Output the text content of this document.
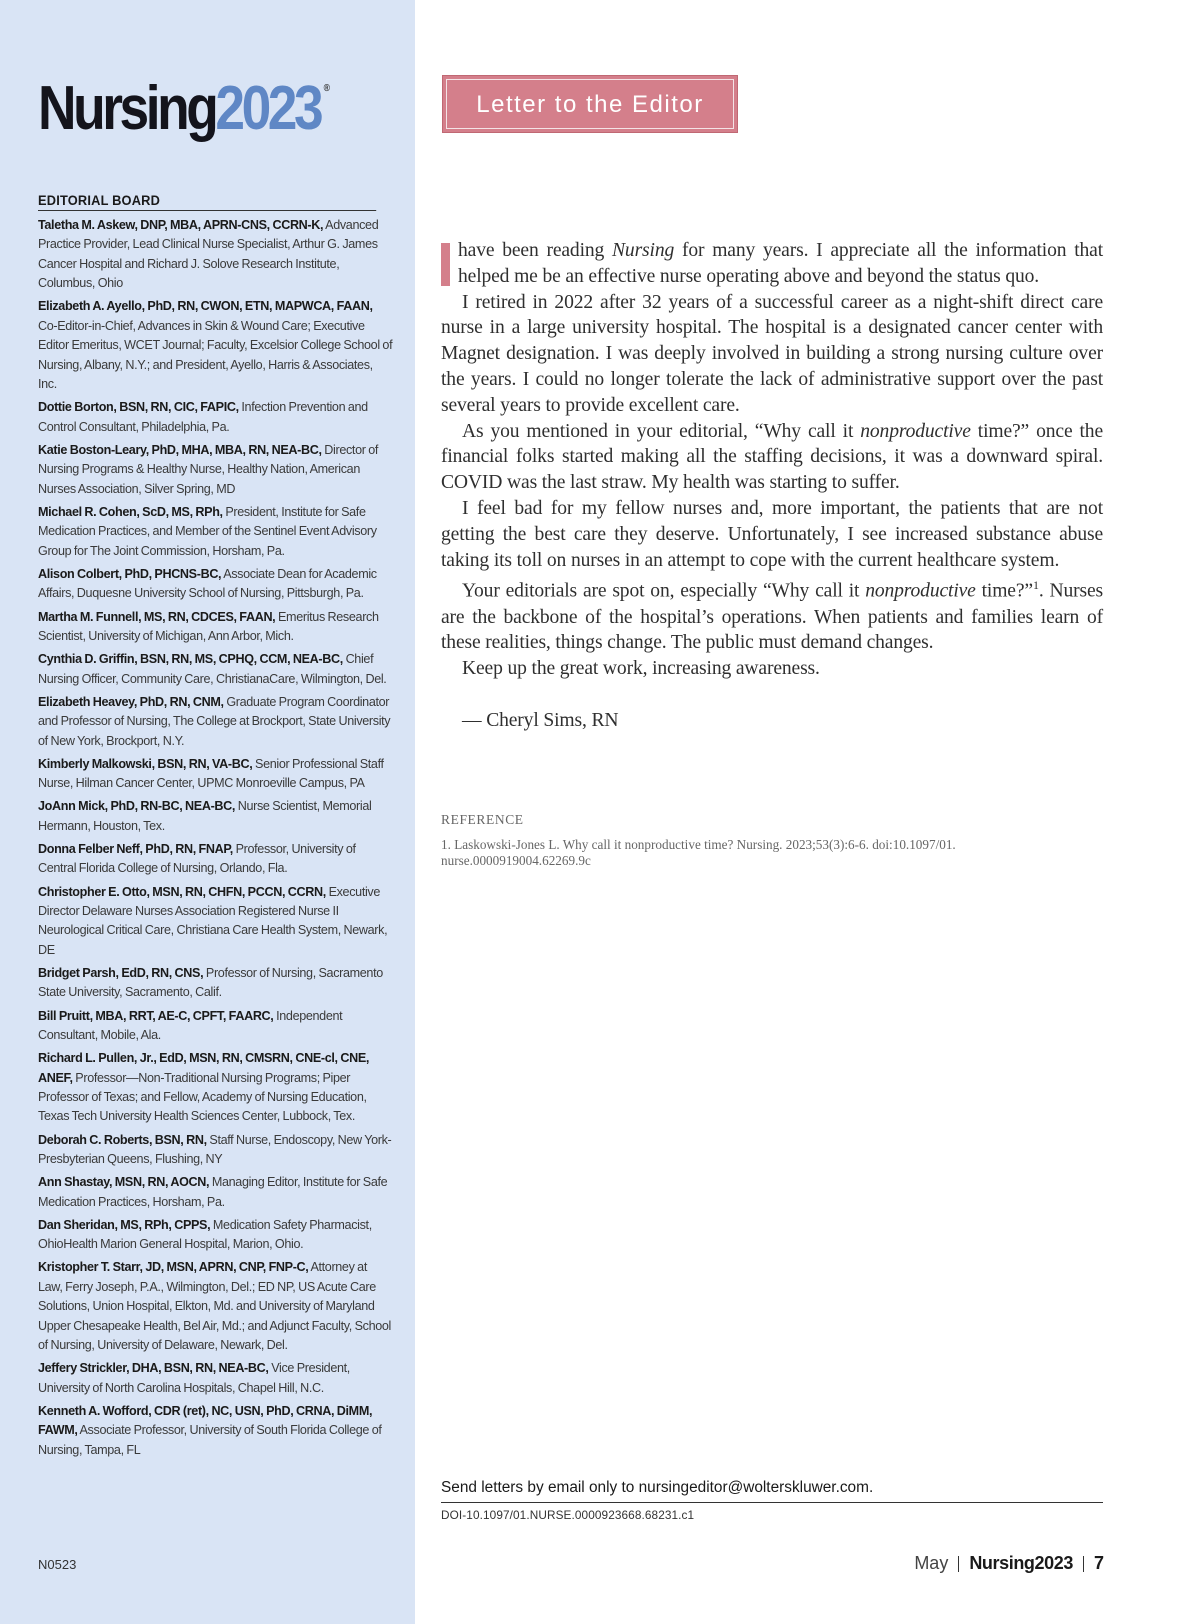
Nursing2023 ®
EDITORIAL BOARD
Taletha M. Askew, DNP, MBA, APRN-CNS, CCRN-K, Advanced Practice Provider, Lead Clinical Nurse Specialist, Arthur G. James Cancer Hospital and Richard J. Solove Research Institute, Columbus, Ohio
Elizabeth A. Ayello, PhD, RN, CWON, ETN, MAPWCA, FAAN, Co-Editor-in-Chief, Advances in Skin & Wound Care; Executive Editor Emeritus, WCET Journal; Faculty, Excelsior College School of Nursing, Albany, N.Y.; and President, Ayello, Harris & Associates, Inc.
Dottie Borton, BSN, RN, CIC, FAPIC, Infection Prevention and Control Consultant, Philadelphia, Pa.
Katie Boston-Leary, PhD, MHA, MBA, RN, NEA-BC, Director of Nursing Programs & Healthy Nurse, Healthy Nation, American Nurses Association, Silver Spring, MD
Michael R. Cohen, ScD, MS, RPh, President, Institute for Safe Medication Practices, and Member of the Sentinel Event Advisory Group for The Joint Commission, Horsham, Pa.
Alison Colbert, PhD, PHCNS-BC, Associate Dean for Academic Affairs, Duquesne University School of Nursing, Pittsburgh, Pa.
Martha M. Funnell, MS, RN, CDCES, FAAN, Emeritus Research Scientist, University of Michigan, Ann Arbor, Mich.
Cynthia D. Griffin, BSN, RN, MS, CPHQ, CCM, NEA-BC, Chief Nursing Officer, Community Care, ChristianaCare, Wilmington, Del.
Elizabeth Heavey, PhD, RN, CNM, Graduate Program Coordinator and Professor of Nursing, The College at Brockport, State University of New York, Brockport, N.Y.
Kimberly Malkowski, BSN, RN, VA-BC, Senior Professional Staff Nurse, Hilman Cancer Center, UPMC Monroeville Campus, PA
JoAnn Mick, PhD, RN-BC, NEA-BC, Nurse Scientist, Memorial Hermann, Houston, Tex.
Donna Felber Neff, PhD, RN, FNAP, Professor, University of Central Florida College of Nursing, Orlando, Fla.
Christopher E. Otto, MSN, RN, CHFN, PCCN, CCRN, Executive Director Delaware Nurses Association Registered Nurse II Neurological Critical Care, Christiana Care Health System, Newark, DE
Bridget Parsh, EdD, RN, CNS, Professor of Nursing, Sacramento State University, Sacramento, Calif.
Bill Pruitt, MBA, RRT, AE-C, CPFT, FAARC, Independent Consultant, Mobile, Ala.
Richard L. Pullen, Jr., EdD, MSN, RN, CMSRN, CNE-cl, CNE, ANEF, Professor—Non-Traditional Nursing Programs; Piper Professor of Texas; and Fellow, Academy of Nursing Education, Texas Tech University Health Sciences Center, Lubbock, Tex.
Deborah C. Roberts, BSN, RN, Staff Nurse, Endoscopy, New York-Presbyterian Queens, Flushing, NY
Ann Shastay, MSN, RN, AOCN, Managing Editor, Institute for Safe Medication Practices, Horsham, Pa.
Dan Sheridan, MS, RPh, CPPS, Medication Safety Pharmacist, OhioHealth Marion General Hospital, Marion, Ohio.
Kristopher T. Starr, JD, MSN, APRN, CNP, FNP-C, Attorney at Law, Ferry Joseph, P.A., Wilmington, Del.; ED NP, US Acute Care Solutions, Union Hospital, Elkton, Md. and University of Maryland Upper Chesapeake Health, Bel Air, Md.; and Adjunct Faculty, School of Nursing, University of Delaware, Newark, Del.
Jeffery Strickler, DHA, BSN, RN, NEA-BC, Vice President, University of North Carolina Hospitals, Chapel Hill, N.C.
Kenneth A. Wofford, CDR (ret), NC, USN, PhD, CRNA, DiMM, FAWM, Associate Professor, University of South Florida College of Nursing, Tampa, FL
N0523
Letter to the Editor

have been reading Nursing for many years. I appreciate all the information that helped me be an effective nurse operating above and beyond the status quo.

I retired in 2022 after 32 years of a successful career as a night-shift direct care nurse in a large university hospital. The hospital is a designated cancer center with Magnet designation. I was deeply involved in building a strong nursing culture over the years. I could no longer tolerate the lack of administrative support over the past several years to provide excellent care.

As you mentioned in your editorial, “Why call it nonproductive time?” once the financial folks started making all the staffing decisions, it was a downward spiral. COVID was the last straw. My health was starting to suffer.

I feel bad for my fellow nurses and, more important, the patients that are not getting the best care they deserve. Unfortunately, I see increased substance abuse taking its toll on nurses in an attempt to cope with the current healthcare system.

Your editorials are spot on, especially “Why call it nonproductive time?”$^1$. Nurses are the backbone of the hospital’s operations. When patients and families learn of these realities, things change. The public must demand changes.

Keep up the great work, increasing awareness.

— Cheryl Sims, RN

REFERENCE
1. Laskowski-Jones L. Why call it nonproductive time? Nursing. 2023;53(3):6-6. doi:10.1097/01. nurse.0000919004.62269.9c
Send letters by email only to nursingeditor@wolterskluwer.com.
DOI-10.1097/01.NURSE.0000923668.68231.c1
May Nursing2023 7
